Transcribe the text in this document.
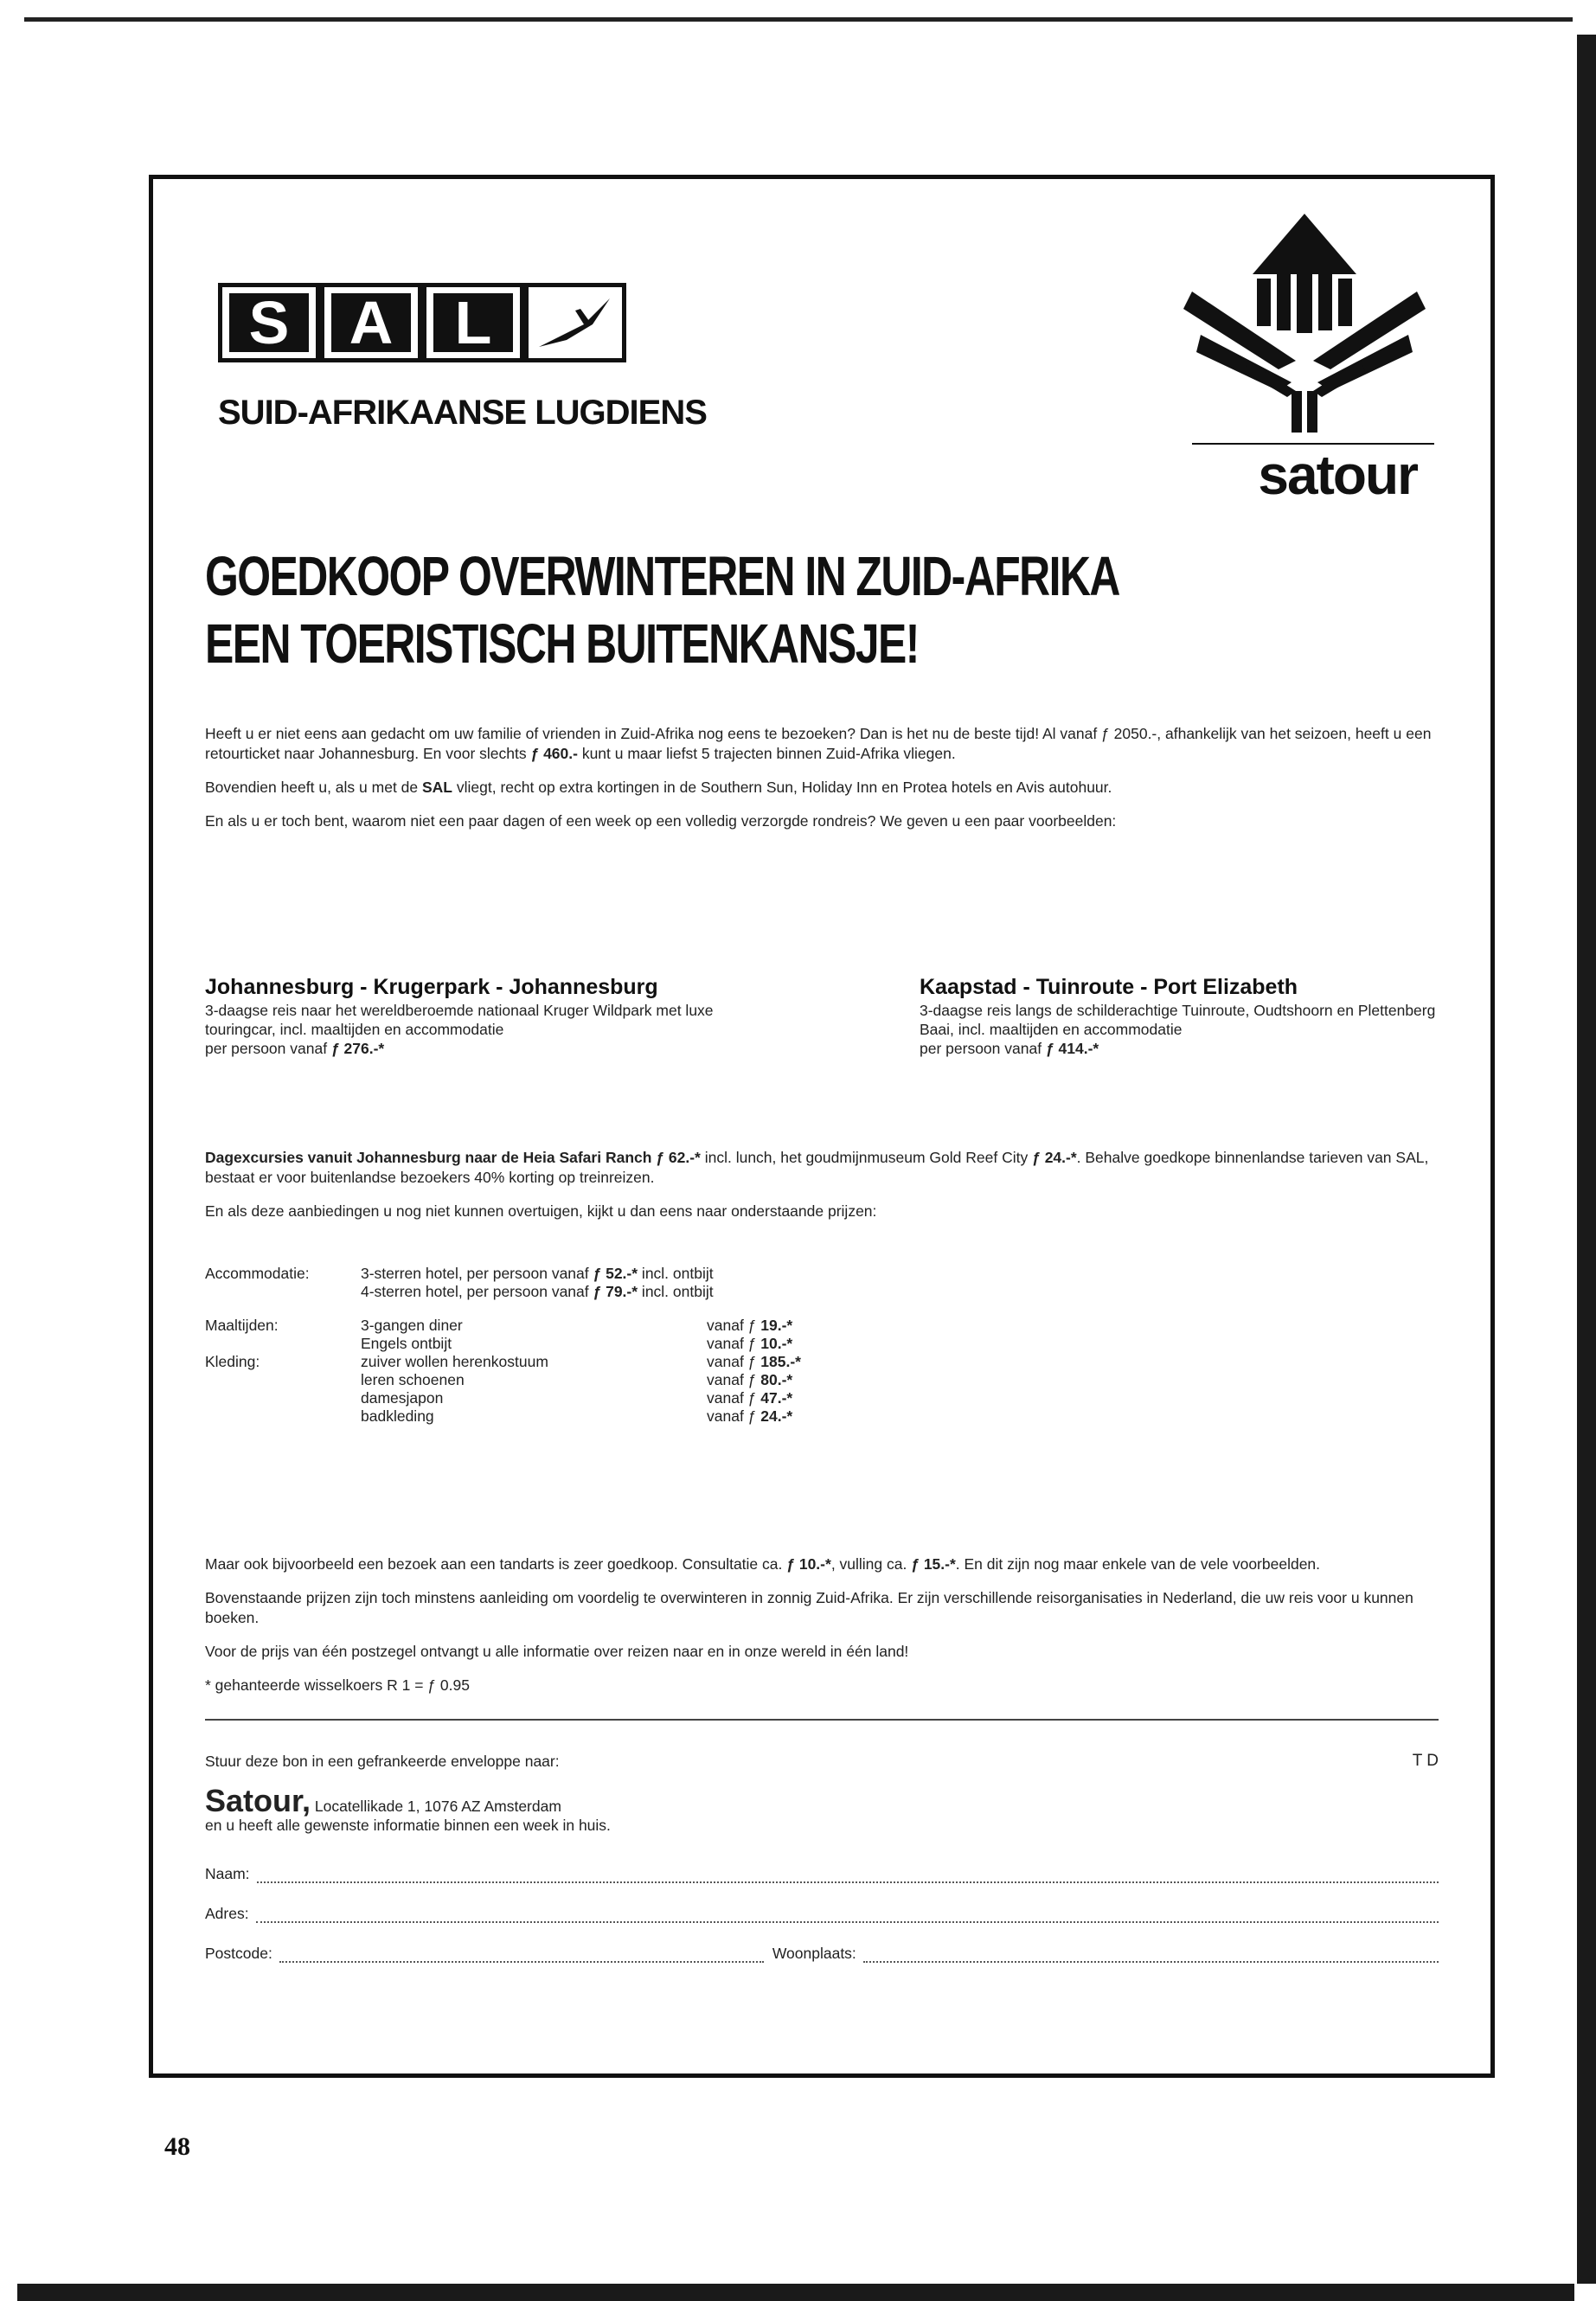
S A	L
SUID-AFRIKAANSE LUGDIENS
satour
GOEDKOOP OVERWINTEREN IN ZUID-AFRIKA
EEN TOERISTISCH BUITENKANSJE!

Heeft u er niet eens aan gedacht om uw familie of vrienden in Zuid-Afrika nog eens te bezoeken? Dan is het nu de beste tijd! Al vanaf ƒ 2050.-, afhankelijk van het seizoen, heeft u een retourticket naar Johannesburg. En voor slechts ƒ 460.- kunt u maar liefst 5 trajecten binnen Zuid-Afrika vliegen.

Bovendien heeft u, als u met de SAL vliegt, recht op extra kortingen in de Southern Sun, Holiday Inn en Protea hotels en Avis autohuur.

En als u er toch bent, waarom niet een paar dagen of een week op een volledig verzorgde rondreis? We geven u een paar voorbeelden:

Johannesburg - Krugerpark - Johannesburg
3-daagse reis naar het wereldberoemde nationaal Kruger Wildpark met luxe touringcar, incl. maaltijden en accommodatie
per persoon vanaf ƒ 276.-*
Kaapstad - Tuinroute - Port Elizabeth
3-daagse reis langs de schilderachtige Tuinroute, Oudtshoorn en Plettenberg Baai, incl. maaltijden en accommodatie
per persoon vanaf ƒ 414.-*

Dagexcursies vanuit Johannesburg naar de Heia Safari Ranch ƒ 62.-* incl. lunch, het goudmijnmuseum Gold Reef City ƒ 24.-*. Behalve goedkope binnenlandse tarieven van SAL, bestaat er voor buitenlandse bezoekers 40% korting op treinreizen.

En als deze aanbiedingen u nog niet kunnen overtuigen, kijkt u dan eens naar onderstaande prijzen:

Accommodatie:	3-sterren hotel, per persoon vanaf ƒ 52.-* incl. ontbijt
4-sterren hotel, per persoon vanaf ƒ 79.-* incl. ontbijt
Maaltijden:	3-gangen diner	vanaf ƒ 19.-*
Engels ontbijt	vanaf ƒ 10.-*
Kleding:	zuiver wollen herenkostuum	vanaf ƒ 185.-*
leren schoenen	vanaf ƒ 80.-*
damesjapon	vanaf ƒ 47.-*
badkleding	vanaf ƒ 24.-*

Maar ook bijvoorbeeld een bezoek aan een tandarts is zeer goedkoop. Consultatie ca. ƒ 10.-*, vulling ca. ƒ 15.-*. En dit zijn nog maar enkele van de vele voorbeelden.

Bovenstaande prijzen zijn toch minstens aanleiding om voordelig te overwinteren in zonnig Zuid-Afrika. Er zijn verschillende reisorganisaties in Nederland, die uw reis voor u kunnen boeken.

Voor de prijs van één postzegel ontvangt u alle informatie over reizen naar en in onze wereld in één land!

* gehanteerde wisselkoers R 1 = ƒ 0.95

Stuur deze bon in een gefrankeerde enveloppe naar:	T D
Satour, Locatellikade 1, 1076 AZ Amsterdam
en u heeft alle gewenste informatie binnen een week in huis.
Naam:
Adres:
Postcode:	Woonplaats:
48
